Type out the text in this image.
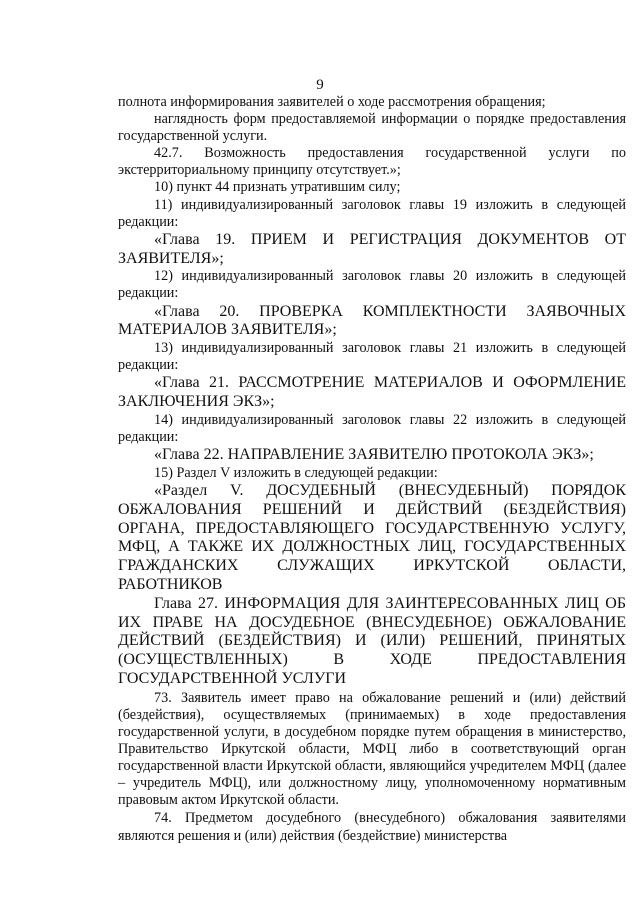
9

полнота информирования заявителей о ходе рассмотрения обращения;

наглядность форм предоставляемой информации о порядке предоставления государственной услуги.

42.7. Возможность предоставления государственной услуги по экстерриториальному принципу отсутствует.»;

10) пункт 44 признать утратившим силу;

11) индивидуализированный заголовок главы 19 изложить в следующей редакции:

«Глава 19. ПРИЕМ И РЕГИСТРАЦИЯ ДОКУМЕНТОВ ОТ ЗАЯВИТЕЛЯ»;

12) индивидуализированный заголовок главы 20 изложить в следующей редакции:

«Глава 20. ПРОВЕРКА КОМПЛЕКТНОСТИ ЗАЯВОЧНЫХ МАТЕРИАЛОВ ЗАЯВИТЕЛЯ»;

13) индивидуализированный заголовок главы 21 изложить в следующей редакции:

«Глава 21. РАССМОТРЕНИЕ МАТЕРИАЛОВ И ОФОРМЛЕНИЕ ЗАКЛЮЧЕНИЯ ЭКЗ»;

14) индивидуализированный заголовок главы 22 изложить в следующей редакции:

«Глава 22. НАПРАВЛЕНИЕ ЗАЯВИТЕЛЮ ПРОТОКОЛА ЭКЗ»;

15) Раздел V изложить в следующей редакции:

«Раздел V. ДОСУДЕБНЫЙ (ВНЕСУДЕБНЫЙ) ПОРЯДОК ОБЖАЛОВАНИЯ РЕШЕНИЙ И ДЕЙСТВИЙ (БЕЗДЕЙСТВИЯ) ОРГАНА, ПРЕДОСТАВЛЯЮЩЕГО ГОСУДАРСТВЕННУЮ УСЛУГУ, МФЦ, А ТАКЖЕ ИХ ДОЛЖНОСТНЫХ ЛИЦ, ГОСУДАРСТВЕННЫХ ГРАЖДАНСКИХ СЛУЖАЩИХ ИРКУТСКОЙ ОБЛАСТИ, РАБОТНИКОВ

Глава 27. ИНФОРМАЦИЯ ДЛЯ ЗАИНТЕРЕСОВАННЫХ ЛИЦ ОБ ИХ ПРАВЕ НА ДОСУДЕБНОЕ (ВНЕСУДЕБНОЕ) ОБЖАЛОВАНИЕ ДЕЙСТВИЙ (БЕЗДЕЙСТВИЯ) И (ИЛИ) РЕШЕНИЙ, ПРИНЯТЫХ (ОСУЩЕСТВЛЕННЫХ) В ХОДЕ ПРЕДОСТАВЛЕНИЯ ГОСУДАРСТВЕННОЙ УСЛУГИ

73. Заявитель имеет право на обжалование решений и (или) действий (бездействия), осуществляемых (принимаемых) в ходе предоставления государственной услуги, в досудебном порядке путем обращения в министерство, Правительство Иркутской области, МФЦ либо в соответствующий орган государственной власти Иркутской области, являющийся учредителем МФЦ (далее – учредитель МФЦ), или должностному лицу, уполномоченному нормативным правовым актом Иркутской области.

74. Предметом досудебного (внесудебного) обжалования заявителями являются решения и (или) действия (бездействие) министерства
